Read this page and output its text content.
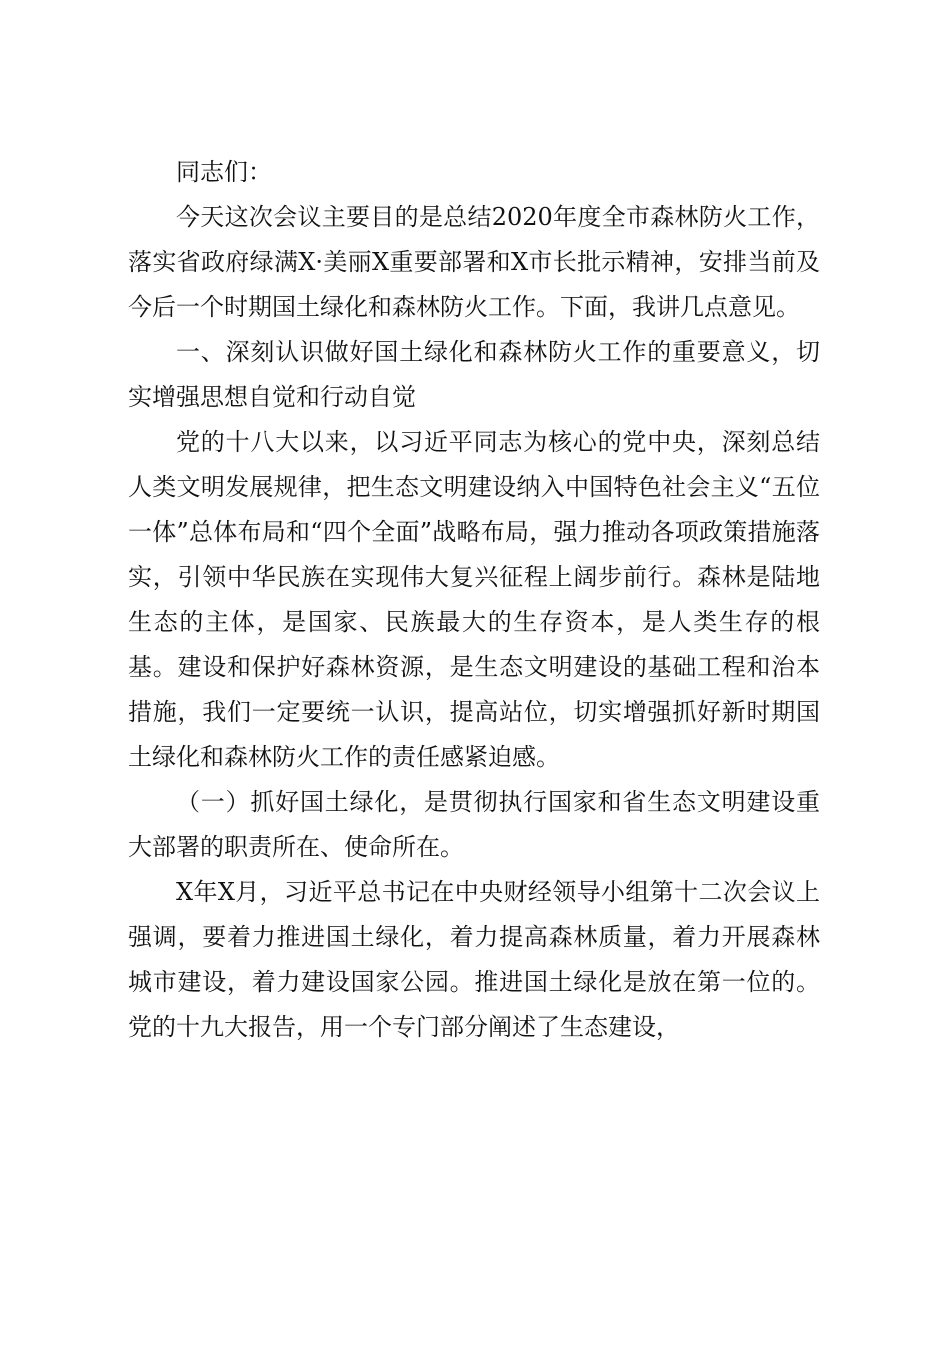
同志们：

今天这次会议主要目的是总结2020年度全市森林防火工作，落实省政府绿满X·美丽X重要部署和X市长批示精神，安排当前及今后一个时期国土绿化和森林防火工作。下面，我讲几点意见。

一、深刻认识做好国土绿化和森林防火工作的重要意义，切实增强思想自觉和行动自觉

党的十八大以来，以习近平同志为核心的党中央，深刻总结人类文明发展规律，把生态文明建设纳入中国特色社会主义“五位一体”总体布局和“四个全面”战略布局，强力推动各项政策措施落实，引领中华民族在实现伟大复兴征程上阔步前行。森林是陆地生态的主体，是国家、民族最大的生存资本，是人类生存的根基。建设和保护好森林资源，是生态文明建设的基础工程和治本措施，我们一定要统一认识，提高站位，切实增强抓好新时期国土绿化和森林防火工作的责任感紧迫感。

（一）抓好国土绿化，是贯彻执行国家和省生态文明建设重大部署的职责所在、使命所在。

X年X月，习近平总书记在中央财经领导小组第十二次会议上强调，要着力推进国土绿化，着力提高森林质量，着力开展森林城市建设，着力建设国家公园。推进国土绿化是放在第一位的。党的十九大报告，用一个专门部分阐述了生态建设，
